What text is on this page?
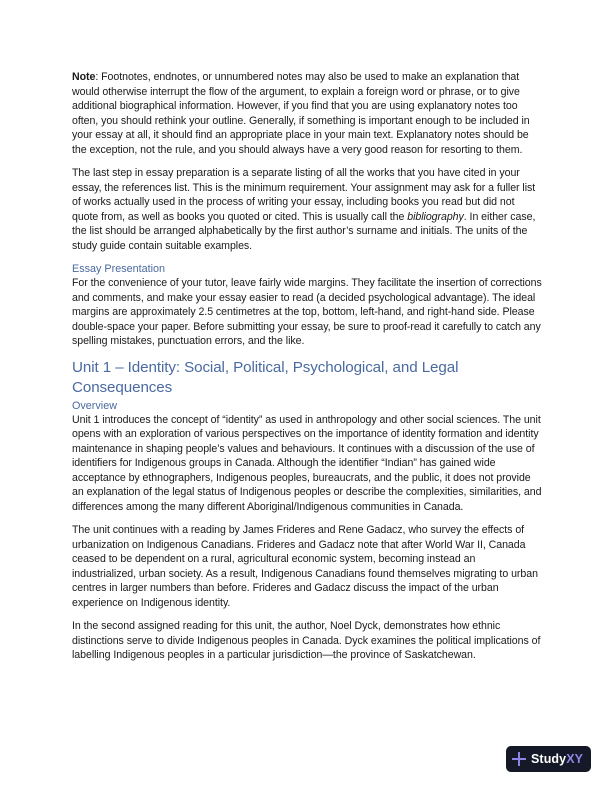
Note: Footnotes, endnotes, or unnumbered notes may also be used to make an explanation that would otherwise interrupt the flow of the argument, to explain a foreign word or phrase, or to give additional biographical information. However, if you find that you are using explanatory notes too often, you should rethink your outline. Generally, if something is important enough to be included in your essay at all, it should find an appropriate place in your main text. Explanatory notes should be the exception, not the rule, and you should always have a very good reason for resorting to them.

The last step in essay preparation is a separate listing of all the works that you have cited in your essay, the references list. This is the minimum requirement. Your assignment may ask for a fuller list of works actually used in the process of writing your essay, including books you read but did not quote from, as well as books you quoted or cited. This is usually call the bibliography. In either case, the list should be arranged alphabetically by the first author’s surname and initials. The units of the study guide contain suitable examples.

Essay Presentation

For the convenience of your tutor, leave fairly wide margins. They facilitate the insertion of corrections and comments, and make your essay easier to read (a decided psychological advantage). The ideal margins are approximately 2.5 centimetres at the top, bottom, left-hand, and right-hand side. Please double-space your paper. Before submitting your essay, be sure to proof-read it carefully to catch any spelling mistakes, punctuation errors, and the like.

Unit 1 – Identity: Social, Political, Psychological, and Legal Consequences
Overview

Unit 1 introduces the concept of “identity” as used in anthropology and other social sciences. The unit opens with an exploration of various perspectives on the importance of identity formation and identity maintenance in shaping people’s values and behaviours. It continues with a discussion of the use of identifiers for Indigenous groups in Canada. Although the identifier “Indian” has gained wide acceptance by ethnographers, Indigenous peoples, bureaucrats, and the public, it does not provide an explanation of the legal status of Indigenous peoples or describe the complexities, similarities, and differences among the many different Aboriginal/Indigenous communities in Canada.

The unit continues with a reading by James Frideres and Rene Gadacz, who survey the effects of urbanization on Indigenous Canadians. Frideres and Gadacz note that after World War II, Canada ceased to be dependent on a rural, agricultural economic system, becoming instead an industrialized, urban society. As a result, Indigenous Canadians found themselves migrating to urban centres in larger numbers than before. Frideres and Gadacz discuss the impact of the urban experience on Indigenous identity.

In the second assigned reading for this unit, the author, Noel Dyck, demonstrates how ethnic distinctions serve to divide Indigenous peoples in Canada. Dyck examines the political implications of labelling Indigenous peoples in a particular jurisdiction—the province of Saskatchewan.

StudyXY
